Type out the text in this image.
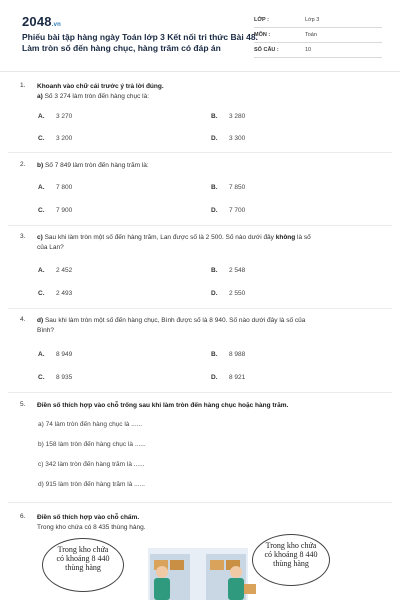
2048.vn
Phiếu bài tập hàng ngày Toán lớp 3 Kết nối tri thức Bài 48.
Làm tròn số đến hàng chục, hàng trăm có đáp án
LỚP :	Lớp 3
MÔN :	Toán
SỐ CÂU :	10
1. Khoanh vào chữ cái trước ý trả lời đúng.
a) Số 3 274 làm tròn đến hàng chục là:
A. 3 270	B. 3 280
C. 3 200	D. 3 300
2. b) Số 7 849 làm tròn đến hàng trăm là:
A. 7 800	B. 7 850
C. 7 900	D. 7 700
3. c) Sau khi làm tròn một số đến hàng trăm, Lan được số là 2 500. Số nào dưới đây không là số
của Lan?
A. 2 452	B. 2 548
C. 2 493	D. 2 550
4. d) Sau khi làm tròn một số đến hàng chục, Bình được số là 8 940. Số nào dưới đây là số của
Bình?
A. 8 949	B. 8 988
C. 8 935	D. 8 921
5. Điền số thích hợp vào chỗ trống sau khi làm tròn đến hàng chục hoặc hàng trăm.
a) 74 làm tròn đến hàng chục là ......
b) 158 làm tròn đến hàng chục là ......
c) 342 làm tròn đến hàng trăm là ......
d) 915 làm tròn đến hàng trăm là ......
6. Điền số thích hợp vào chỗ chấm.
Trong kho chứa có 8 435 thùng hàng.
Trong kho chứa
có khoảng 8 440
thùng hàng
Trong kho chứa
có khoảng 8 440
thùng hàng
